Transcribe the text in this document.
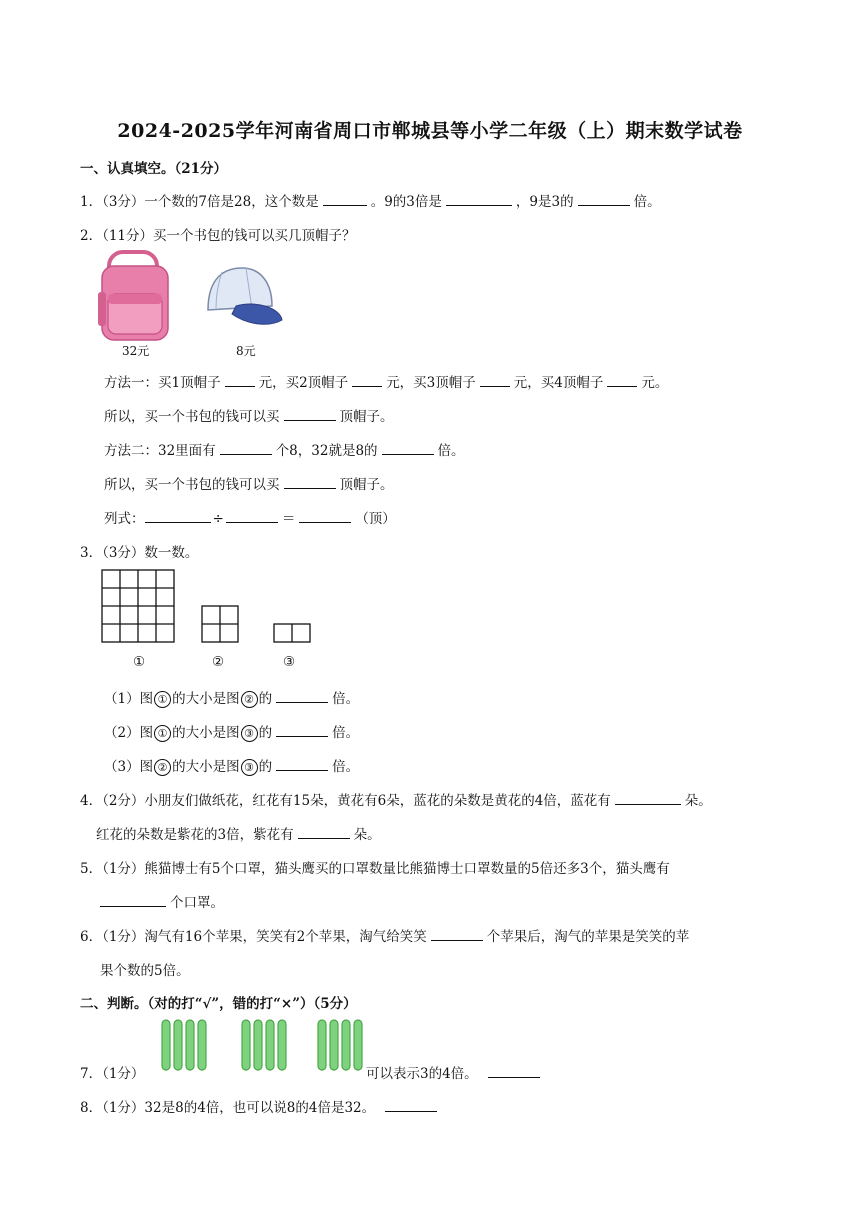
2024-2025学年河南省周口市郸城县等小学二年级（上）期末数学试卷
一、认真填空。（21分）
1．（3分）一个数的7倍是28，这个数是	。9的3倍是	，9是3的	倍。
2．（11分）买一个书包的钱可以买几顶帽子？
32元	8元
方法一：买1顶帽子	元，买2顶帽子	元，买3顶帽子	元，买4顶帽子	元。
所以，买一个书包的钱可以买	顶帽子。
方法二：32里面有	个8，32就是8的	倍。
所以，买一个书包的钱可以买	顶帽子。
列式：	÷	＝	（顶）
3．（3分）数一数。
①	②	③
（1）图 ① 的大小是图 ② 的	倍。
（2）图 ① 的大小是图 ③ 的	倍。
（3）图 ② 的大小是图 ③ 的	倍。
4．（2分）小朋友们做纸花，红花有15朵，黄花有6朵，蓝花的朵数是黄花的4倍，蓝花有	朵。
红花的朵数是紫花的3倍，紫花有	朵。
5．（1分）熊猫博士有5个口罩，猫头鹰买的口罩数量比熊猫博士口罩数量的5倍还多3个，猫头鹰有
个口罩。
6．（1分）淘气有16个苹果，笑笑有2个苹果，淘气给笑笑	个苹果后，淘气的苹果是笑笑的苹
果个数的5倍。
二、判断。（对的打“√”，错的打“×”）（5分）
7．（1分）	可以表示3的4倍。
8．（1分）32是8的4倍，也可以说8的4倍是32。
